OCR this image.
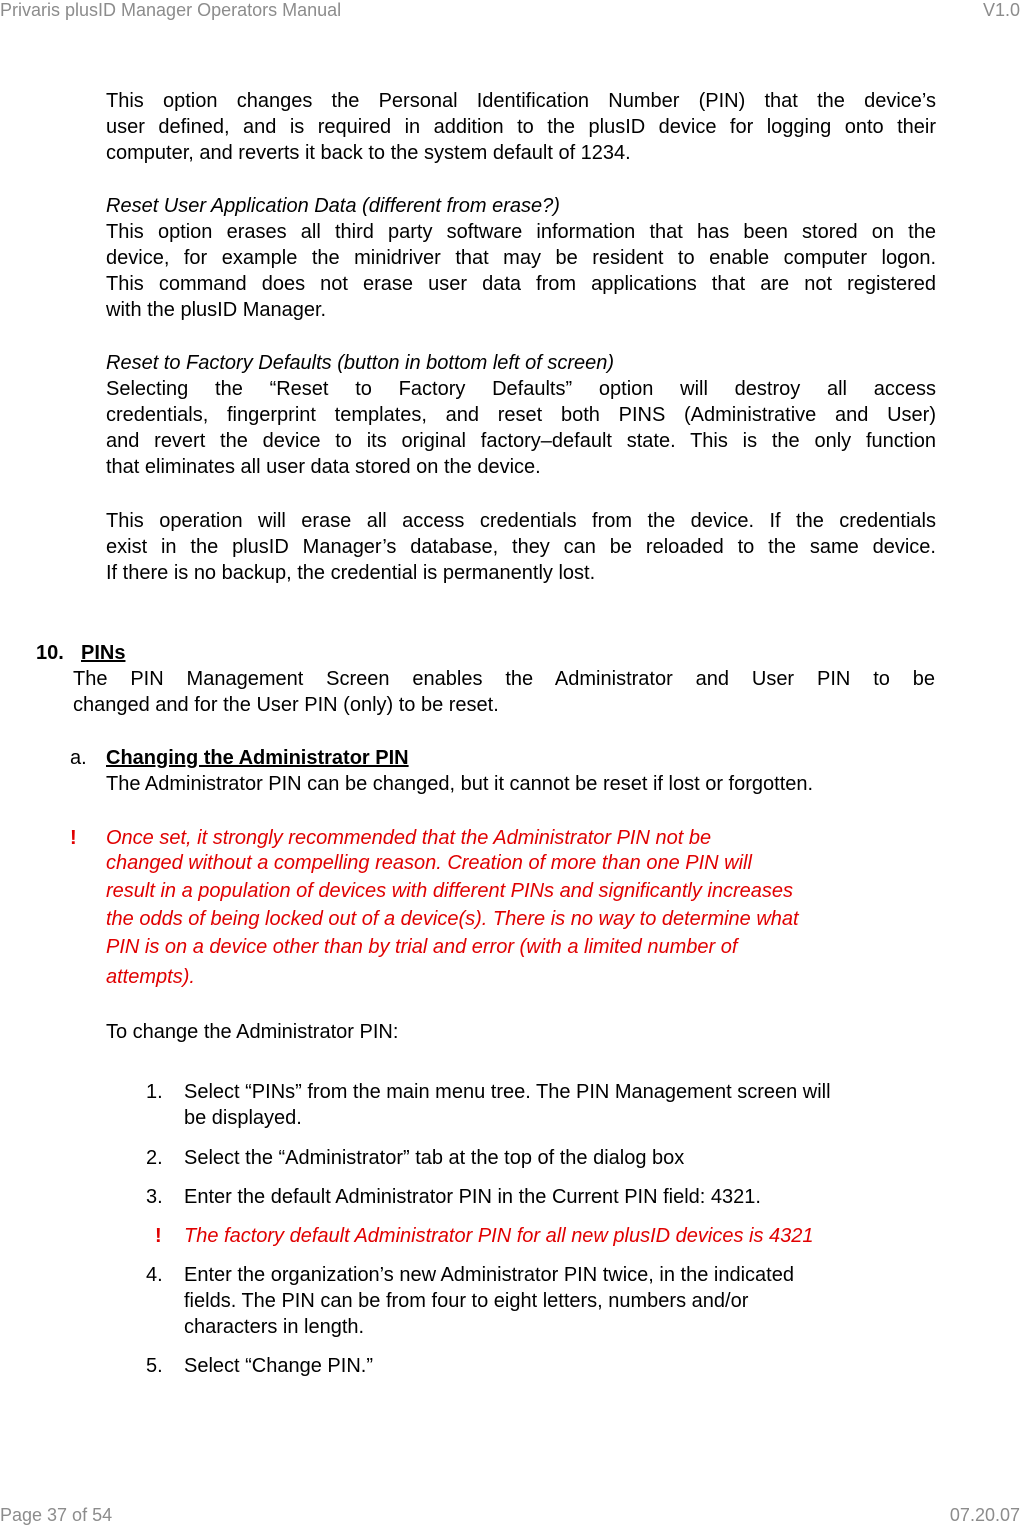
Privaris plusID Manager Operators Manual	V1.0
This option changes the Personal Identification Number (PIN) that the device’s
user defined, and is required in addition to the plusID device for logging onto their
computer, and reverts it back to the system default of 1234.
Reset User Application Data (different from erase?)
This option erases all third party software information that has been stored on the
device, for example the minidriver that may be resident to enable computer logon.
This command does not erase user data from applications that are not registered
with the plusID Manager.
Reset to Factory Defaults (button in bottom left of screen)
Selecting the “Reset to Factory Defaults” option will destroy all access
credentials, fingerprint templates, and reset both PINS (Administrative and User)
and revert the device to its original factory–default state. This is the only function
that eliminates all user data stored on the device.
This operation will erase all access credentials from the device. If the credentials
exist in the plusID Manager’s database, they can be reloaded to the same device.
If there is no backup, the credential is permanently lost.
10. PINs
The PIN Management Screen enables the Administrator and User PIN to be
changed and for the User PIN (only) to be reset.
a. Changing the Administrator PIN
The Administrator PIN can be changed, but it cannot be reset if lost or forgotten.
! Once set, it strongly recommended that the Administrator PIN not be
changed without a compelling reason. Creation of more than one PIN will
result in a population of devices with different PINs and significantly increases
the odds of being locked out of a device(s). There is no way to determine what
PIN is on a device other than by trial and error (with a limited number of
attempts).
To change the Administrator PIN:
1. Select “PINs” from the main menu tree. The PIN Management screen will
be displayed.
2. Select the “Administrator” tab at the top of the dialog box
3. Enter the default Administrator PIN in the Current PIN field: 4321.
! The factory default Administrator PIN for all new plusID devices is 4321
4. Enter the organization’s new Administrator PIN twice, in the indicated
fields. The PIN can be from four to eight letters, numbers and/or
characters in length.
5. Select “Change PIN.”
Page 37 of 54	07.20.07
